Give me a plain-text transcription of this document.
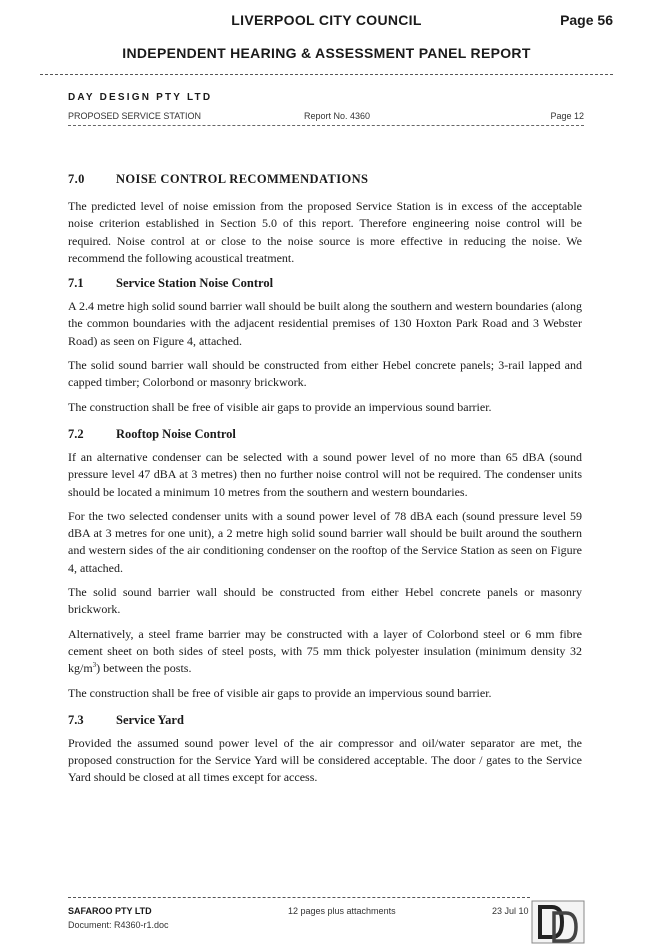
LIVERPOOL CITY COUNCIL	Page 56
INDEPENDENT HEARING & ASSESSMENT PANEL REPORT
DAY DESIGN PTY LTD
PROPOSED SERVICE STATION	Report No. 4360	Page 12
7.0 NOISE CONTROL RECOMMENDATIONS

The predicted level of noise emission from the proposed Service Station is in excess of the acceptable noise criterion established in Section 5.0 of this report. Therefore engineering noise control will be required. Noise control at or close to the noise source is more effective in reducing the noise. We recommend the following acoustical treatment.

7.1	Service Station Noise Control

A 2.4 metre high solid sound barrier wall should be built along the southern and western boundaries (along the common boundaries with the adjacent residential premises of 130 Hoxton Park Road and 3 Webster Road) as seen on Figure 4, attached.

The solid sound barrier wall should be constructed from either Hebel concrete panels; 3-rail lapped and capped timber; Colorbond or masonry brickwork.

The construction shall be free of visible air gaps to provide an impervious sound barrier.

7.2	Rooftop Noise Control

If an alternative condenser can be selected with a sound power level of no more than 65 dBA (sound pressure level 47 dBA at 3 metres) then no further noise control will not be required. The condenser units should be located a minimum 10 metres from the southern and western boundaries.

For the two selected condenser units with a sound power level of 78 dBA each (sound pressure level 59 dBA at 3 metres for one unit), a 2 metre high solid sound barrier wall should be built around the southern and western sides of the air conditioning condenser on the rooftop of the Service Station as seen on Figure 4, attached.

The solid sound barrier wall should be constructed from either Hebel concrete panels or masonry brickwork.

Alternatively, a steel frame barrier may be constructed with a layer of Colorbond steel or 6 mm fibre cement sheet on both sides of steel posts, with 75 mm thick polyester insulation (minimum density 32 $kg/m^3$) between the posts.

The construction shall be free of visible air gaps to provide an impervious sound barrier.

7.3	Service Yard

Provided the assumed sound power level of the air compressor and oil/water separator are met, the proposed construction for the Service Yard will be considered acceptable. The door / gates to the Service Yard should be closed at all times except for access.

SAFAROO PTY LTD
Document: R4360-r1.doc
12 pages plus attachments	23 Jul 10
